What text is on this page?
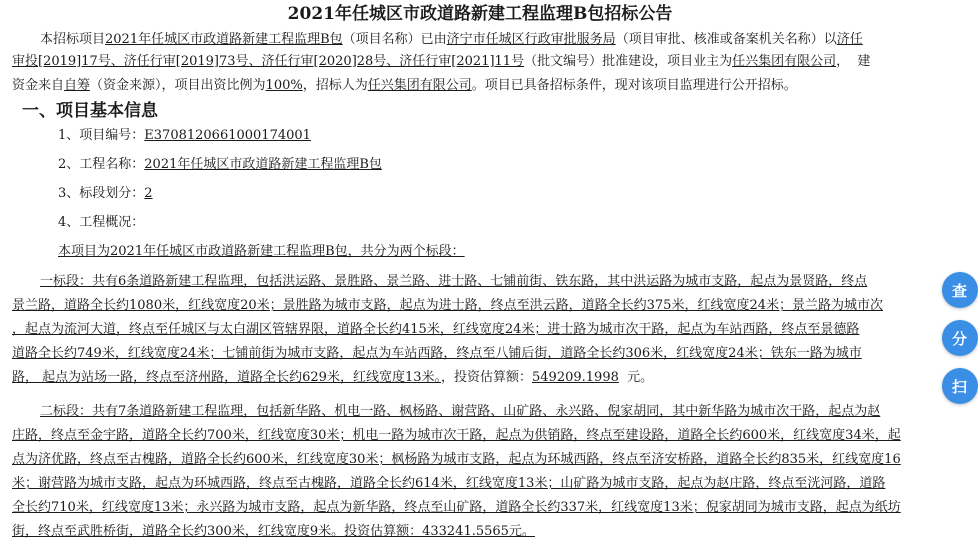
2021年任城区市政道路新建工程监理B包招标公告
本招标项目2021年任城区市政道路新建工程监理B包（项目名称）已由济宁市任城区行政审批服务局（项目审批、核准或备案机关名称）以济任
审投[2019]17号、济任行审[2019]73号、济任行审[2020]28号、济任行审[2021]11号（批文编号）批准建设，项目业主为任兴集团有限公司， 建
资金来自自筹（资金来源），项目出资比例为100%，招标人为任兴集团有限公司。项目已具备招标条件，现对该项目监理进行公开招标。
一、项目基本信息
1、项目编号：E3708120661000174001
2、工程名称：2021年任城区市政道路新建工程监理B包
3、标段划分：2
4、工程概况：
本项目为2021年任城区市政道路新建工程监理B包，共分为两个标段：
一标段：共有6条道路新建工程监理，包括洪运路、景胜路、景兰路、进士路、七铺前街、铁东路，其中洪运路为城市支路，起点为景贤路，终点
景兰路，道路全长约1080米，红线宽度20米；景胜路为城市支路，起点为进士路，终点至洪云路，道路全长约375米，红线宽度24米；景兰路为城市次
，起点为流河大道，终点至任城区与太白湖区管辖界限，道路全长约415米，红线宽度24米；进士路为城市次干路，起点为车站西路，终点至景德路
道路全长约749米，红线宽度24米；七铺前街为城市支路，起点为车站西路，终点至八铺后街，道路全长约306米，红线宽度24米；铁东一路为城市
路， 起点为站场一路，终点至济州路，道路全长约629米，红线宽度13米。，投资估算额：549209.1998 元。
二标段：共有7条道路新建工程监理，包括新华路、机电一路、枫杨路、谢营路、山矿路、永兴路、倪家胡同，其中新华路为城市次干路，起点为赵
庄路，终点至金宇路，道路全长约700米，红线宽度30米；机电一路为城市次干路，起点为供销路，终点至建设路，道路全长约600米，红线宽度34米，起
点为济优路，终点至古槐路，道路全长约600米，红线宽度30米；枫杨路为城市支路，起点为环城西路，终点至济安桥路，道路全长约835米，红线宽度16
米；谢营路为城市支路，起点为环城西路，终点至古槐路，道路全长约614米，红线宽度13米；山矿路为城市支路，起点为赵庄路，终点至洸河路，道路
全长约710米，红线宽度13米；永兴路为城市支路，起点为新华路，终点至山矿路，道路全长约337米，红线宽度13米；倪家胡同为城市支路，起点为纸坊
街，终点至武胜桥街，道路全长约300米，红线宽度9米。投资估算额：433241.5565元。
查
分
扫
